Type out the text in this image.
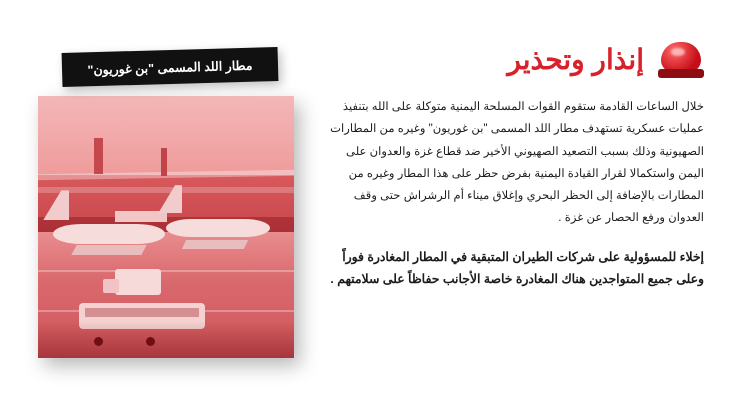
مطار اللد المسمى "بن غوريون"	إنذار وتحذير

خلال الساعات القادمة ستقوم القوات المسلحة اليمنية متوكلة على الله بتنفيذ عمليات عسكرية تستهدف مطار اللد المسمى "بن غوريون" وغيره من المطارات الصهيونية وذلك بسبب التصعيد الصهيوني الأخير ضد قطاع غزة والعدوان على اليمن واستكمالا لقرار القيادة اليمنية بفرض حظر على هذا المطار وغيره من المطارات بالإضافة إلى الحظر البحري وإغلاق ميناء أم الرشراش حتى وقف العدوان ورفع الحصار عن غزة .

إخلاء للمسؤولية على شركات الطيران المتبقية في المطار المغادرة فوراً وعلى جميع المتواجدين هناك المغادرة خاصة الأجانب حفاظاً على سلامتهم .
